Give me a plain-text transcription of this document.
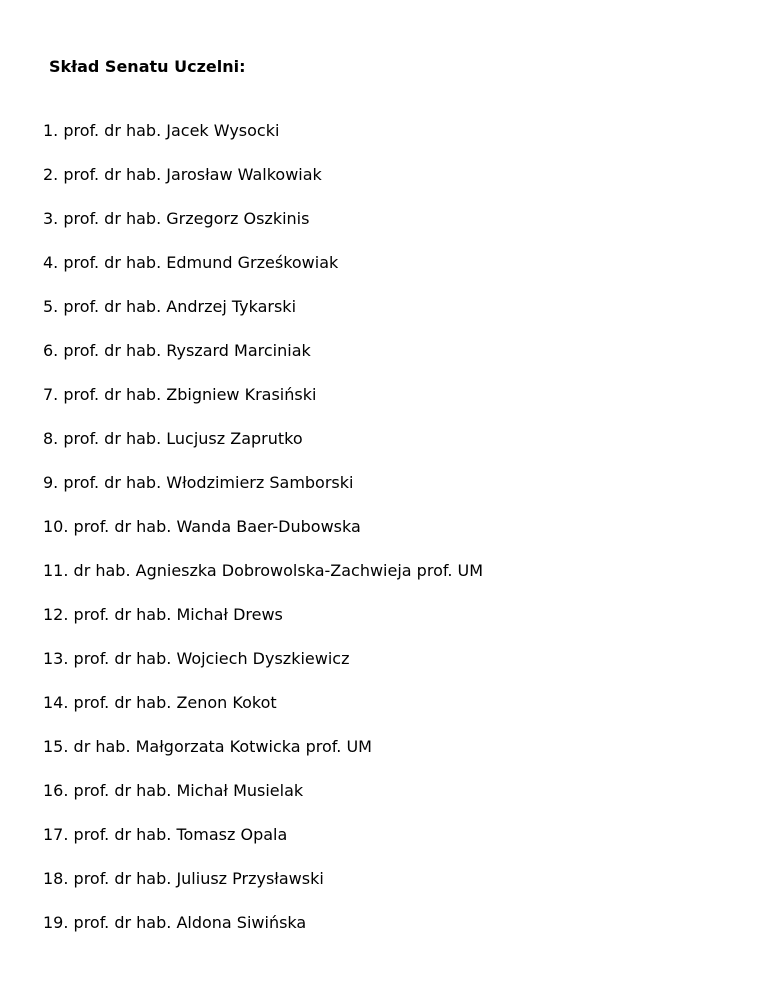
Skład Senatu Uczelni:
1. prof. dr hab. Jacek Wysocki
2. prof. dr hab. Jarosław Walkowiak
3. prof. dr hab. Grzegorz Oszkinis
4. prof. dr hab. Edmund Grześkowiak
5. prof. dr hab. Andrzej Tykarski
6. prof. dr hab. Ryszard Marciniak
7. prof. dr hab. Zbigniew Krasiński
8. prof. dr hab. Lucjusz Zaprutko
9. prof. dr hab. Włodzimierz Samborski
10. prof. dr hab. Wanda Baer-Dubowska
11. dr hab. Agnieszka Dobrowolska-Zachwieja prof. UM
12. prof. dr hab. Michał Drews
13. prof. dr hab. Wojciech Dyszkiewicz
14. prof. dr hab. Zenon Kokot
15. dr hab. Małgorzata Kotwicka prof. UM
16. prof. dr hab. Michał Musielak
17. prof. dr hab. Tomasz Opala
18. prof. dr hab. Juliusz Przysławski
19. prof. dr hab. Aldona Siwińska
